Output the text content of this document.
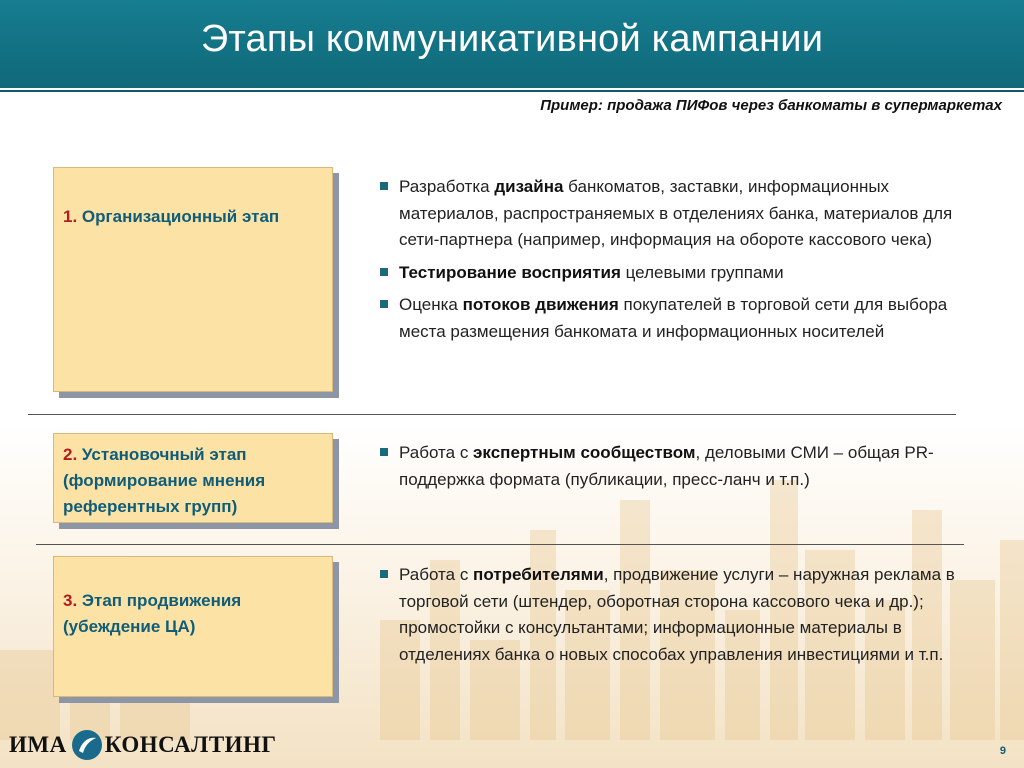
Этапы коммуникативной кампании
Пример: продажа ПИФов через банкоматы в супермаркетах
1. Организационный этап
Разработка дизайна банкоматов, заставки, информационных материалов, распространяемых в отделениях банка, материалов для сети-партнера (например, информация на обороте кассового чека)
Тестирование восприятия целевыми группами
Оценка потоков движения покупателей в торговой сети для выбора места размещения банкомата и информационных носителей
2. Установочный этап (формирование мнения референтных групп)
Работа с экспертным сообществом, деловыми СМИ – общая PR-поддержка формата (публикации, пресс-ланч и т.п.)
3. Этап продвижения (убеждение ЦА)
Работа с потребителями, продвижение услуги – наружная реклама в торговой сети (штендер, оборотная сторона кассового чека и др.); промостойки с консультантами; информационные материалы в отделениях банка о новых способах управления инвестициями и т.п.
ИМА КОНСАЛТИНГ	9
